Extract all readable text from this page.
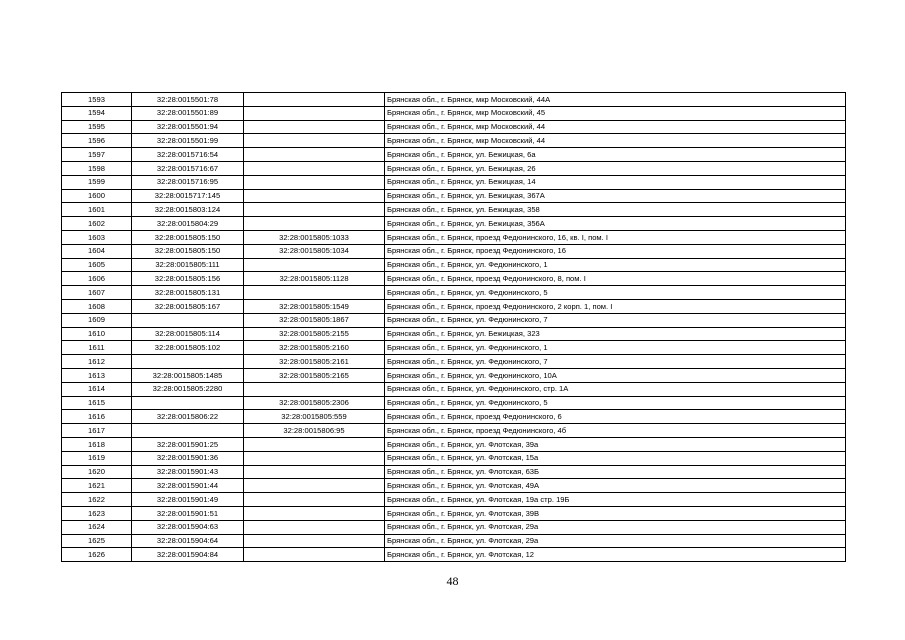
1593	32:28:0015501:78		Брянская обл., г. Брянск, мкр Московский, 44А
1594	32:28:0015501:89		Брянская обл., г. Брянск, мкр Московский, 45
1595	32:28:0015501:94		Брянская обл., г. Брянск, мкр Московский, 44
1596	32:28:0015501:99		Брянская обл., г. Брянск, мкр Московский, 44
1597	32:28:0015716:54		Брянская обл., г. Брянск, ул. Бежицкая, 6а
1598	32:28:0015716:67		Брянская обл., г. Брянск, ул. Бежицкая, 26
1599	32:28:0015716:95		Брянская обл., г. Брянск, ул. Бежицкая, 14
1600	32:28:0015717:145		Брянская обл., г. Брянск, ул. Бежицкая, 367А
1601	32:28:0015803:124		Брянская обл., г. Брянск, ул. Бежицкая, 358
1602	32:28:0015804:29		Брянская обл., г. Брянск, ул. Бежицкая, 356А
1603	32:28:0015805:150	32:28:0015805:1033	Брянская обл., г. Брянск, проезд Федюнинского, 16, кв. I, пом. I
1604	32:28:0015805:150	32:28:0015805:1034	Брянская обл., г. Брянск, проезд Федюнинского, 16
1605	32:28:0015805:111		Брянская обл., г. Брянск, ул. Федюнинского, 1
1606	32:28:0015805:156	32:28:0015805:1128	Брянская обл., г. Брянск, проезд Федюнинского, 8, пом. I
1607	32:28:0015805:131		Брянская обл., г. Брянск, ул. Федюнинского, 5
1608	32:28:0015805:167	32:28:0015805:1549	Брянская обл., г. Брянск, проезд Федюнинского, 2 корп. 1, пом. I
1609		32:28:0015805:1867	Брянская обл., г. Брянск, ул. Федюнинского, 7
1610	32:28:0015805:114	32:28:0015805:2155	Брянская обл., г. Брянск, ул. Бежицкая, 323
1611	32:28:0015805:102	32:28:0015805:2160	Брянская обл., г. Брянск, ул. Федюнинского, 1
1612		32:28:0015805:2161	Брянская обл., г. Брянск, ул. Федюнинского, 7
1613	32:28:0015805:1485	32:28:0015805:2165	Брянская обл., г. Брянск, ул. Федюнинского, 10А
1614	32:28:0015805:2280		Брянская обл., г. Брянск, ул. Федюнинского, стр. 1А
1615		32:28:0015805:2306	Брянская обл., г. Брянск, ул. Федюнинского, 5
1616	32:28:0015806:22	32:28:0015805:559	Брянская обл., г. Брянск, проезд Федюнинского, 6
1617		32:28:0015806:95	Брянская обл., г. Брянск, проезд Федюнинского, 4б
1618	32:28:0015901:25		Брянская обл., г. Брянск, ул. Флотская, 39а
1619	32:28:0015901:36		Брянская обл., г. Брянск, ул. Флотская, 15а
1620	32:28:0015901:43		Брянская обл., г. Брянск, ул. Флотская, 63Б
1621	32:28:0015901:44		Брянская обл., г. Брянск, ул. Флотская, 49А
1622	32:28:0015901:49		Брянская обл., г. Брянск, ул. Флотская, 19а стр. 19Б
1623	32:28:0015901:51		Брянская обл., г. Брянск, ул. Флотская, 39В
1624	32:28:0015904:63		Брянская обл., г. Брянск, ул. Флотская, 29а
1625	32:28:0015904:64		Брянская обл., г. Брянск, ул. Флотская, 29а
1626	32:28:0015904:84		Брянская обл., г. Брянск, ул. Флотская, 12
48
